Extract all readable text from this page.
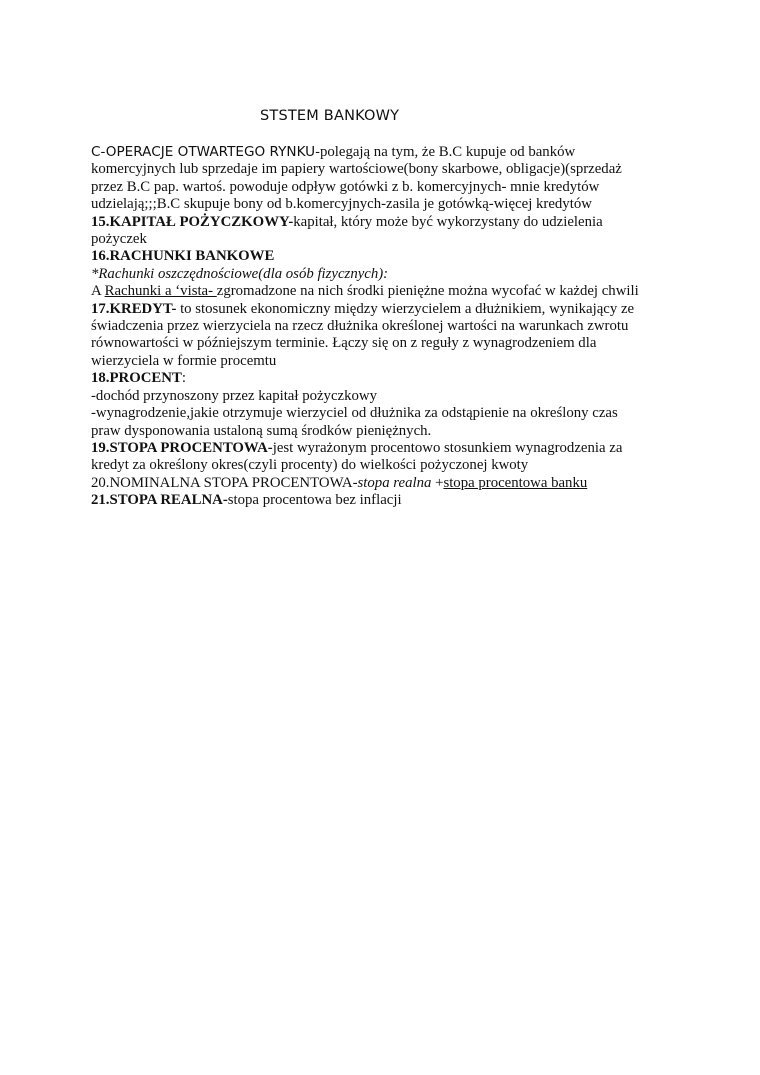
STSTEM BANKOWY
C-OPERACJE OTWARTEGO RYNKU-polegają na tym, że B.C kupuje od banków
komercyjnych lub sprzedaje im papiery wartościowe(bony skarbowe, obligacje)(sprzedaż
przez B.C pap. wartoś. powoduje odpływ gotówki z b. komercyjnych- mnie kredytów
udzielają;;;B.C skupuje bony od b.komercyjnych-zasila je gotówką-więcej kredytów
15.KAPITAŁ POŻYCZKOWY-kapitał, który może być wykorzystany do udzielenia
pożyczek
16.RACHUNKI BANKOWE
*Rachunki oszczędnościowe(dla osób fizycznych):
A Rachunki a ‘vista- zgromadzone na nich środki pieniężne można wycofać w każdej chwili
17.KREDYT- to stosunek ekonomiczny między wierzycielem a dłużnikiem, wynikający ze
świadczenia przez wierzyciela na rzecz dłużnika określonej wartości na warunkach zwrotu
równowartości w późniejszym terminie. Łączy się on z reguły z wynagrodzeniem dla
wierzyciela w formie procemtu
18.PROCENT:
-dochód przynoszony przez kapitał pożyczkowy
-wynagrodzenie,jakie otrzymuje wierzyciel od dłużnika za odstąpienie na określony czas
praw dysponowania ustaloną sumą środków pieniężnych.
19.STOPA PROCENTOWA-jest wyrażonym procentowo stosunkiem wynagrodzenia za
kredyt za określony okres(czyli procenty) do wielkości pożyczonej kwoty
20.NOMINALNA STOPA PROCENTOWA-stopa realna +stopa procentowa banku
21.STOPA REALNA-stopa procentowa bez inflacji
